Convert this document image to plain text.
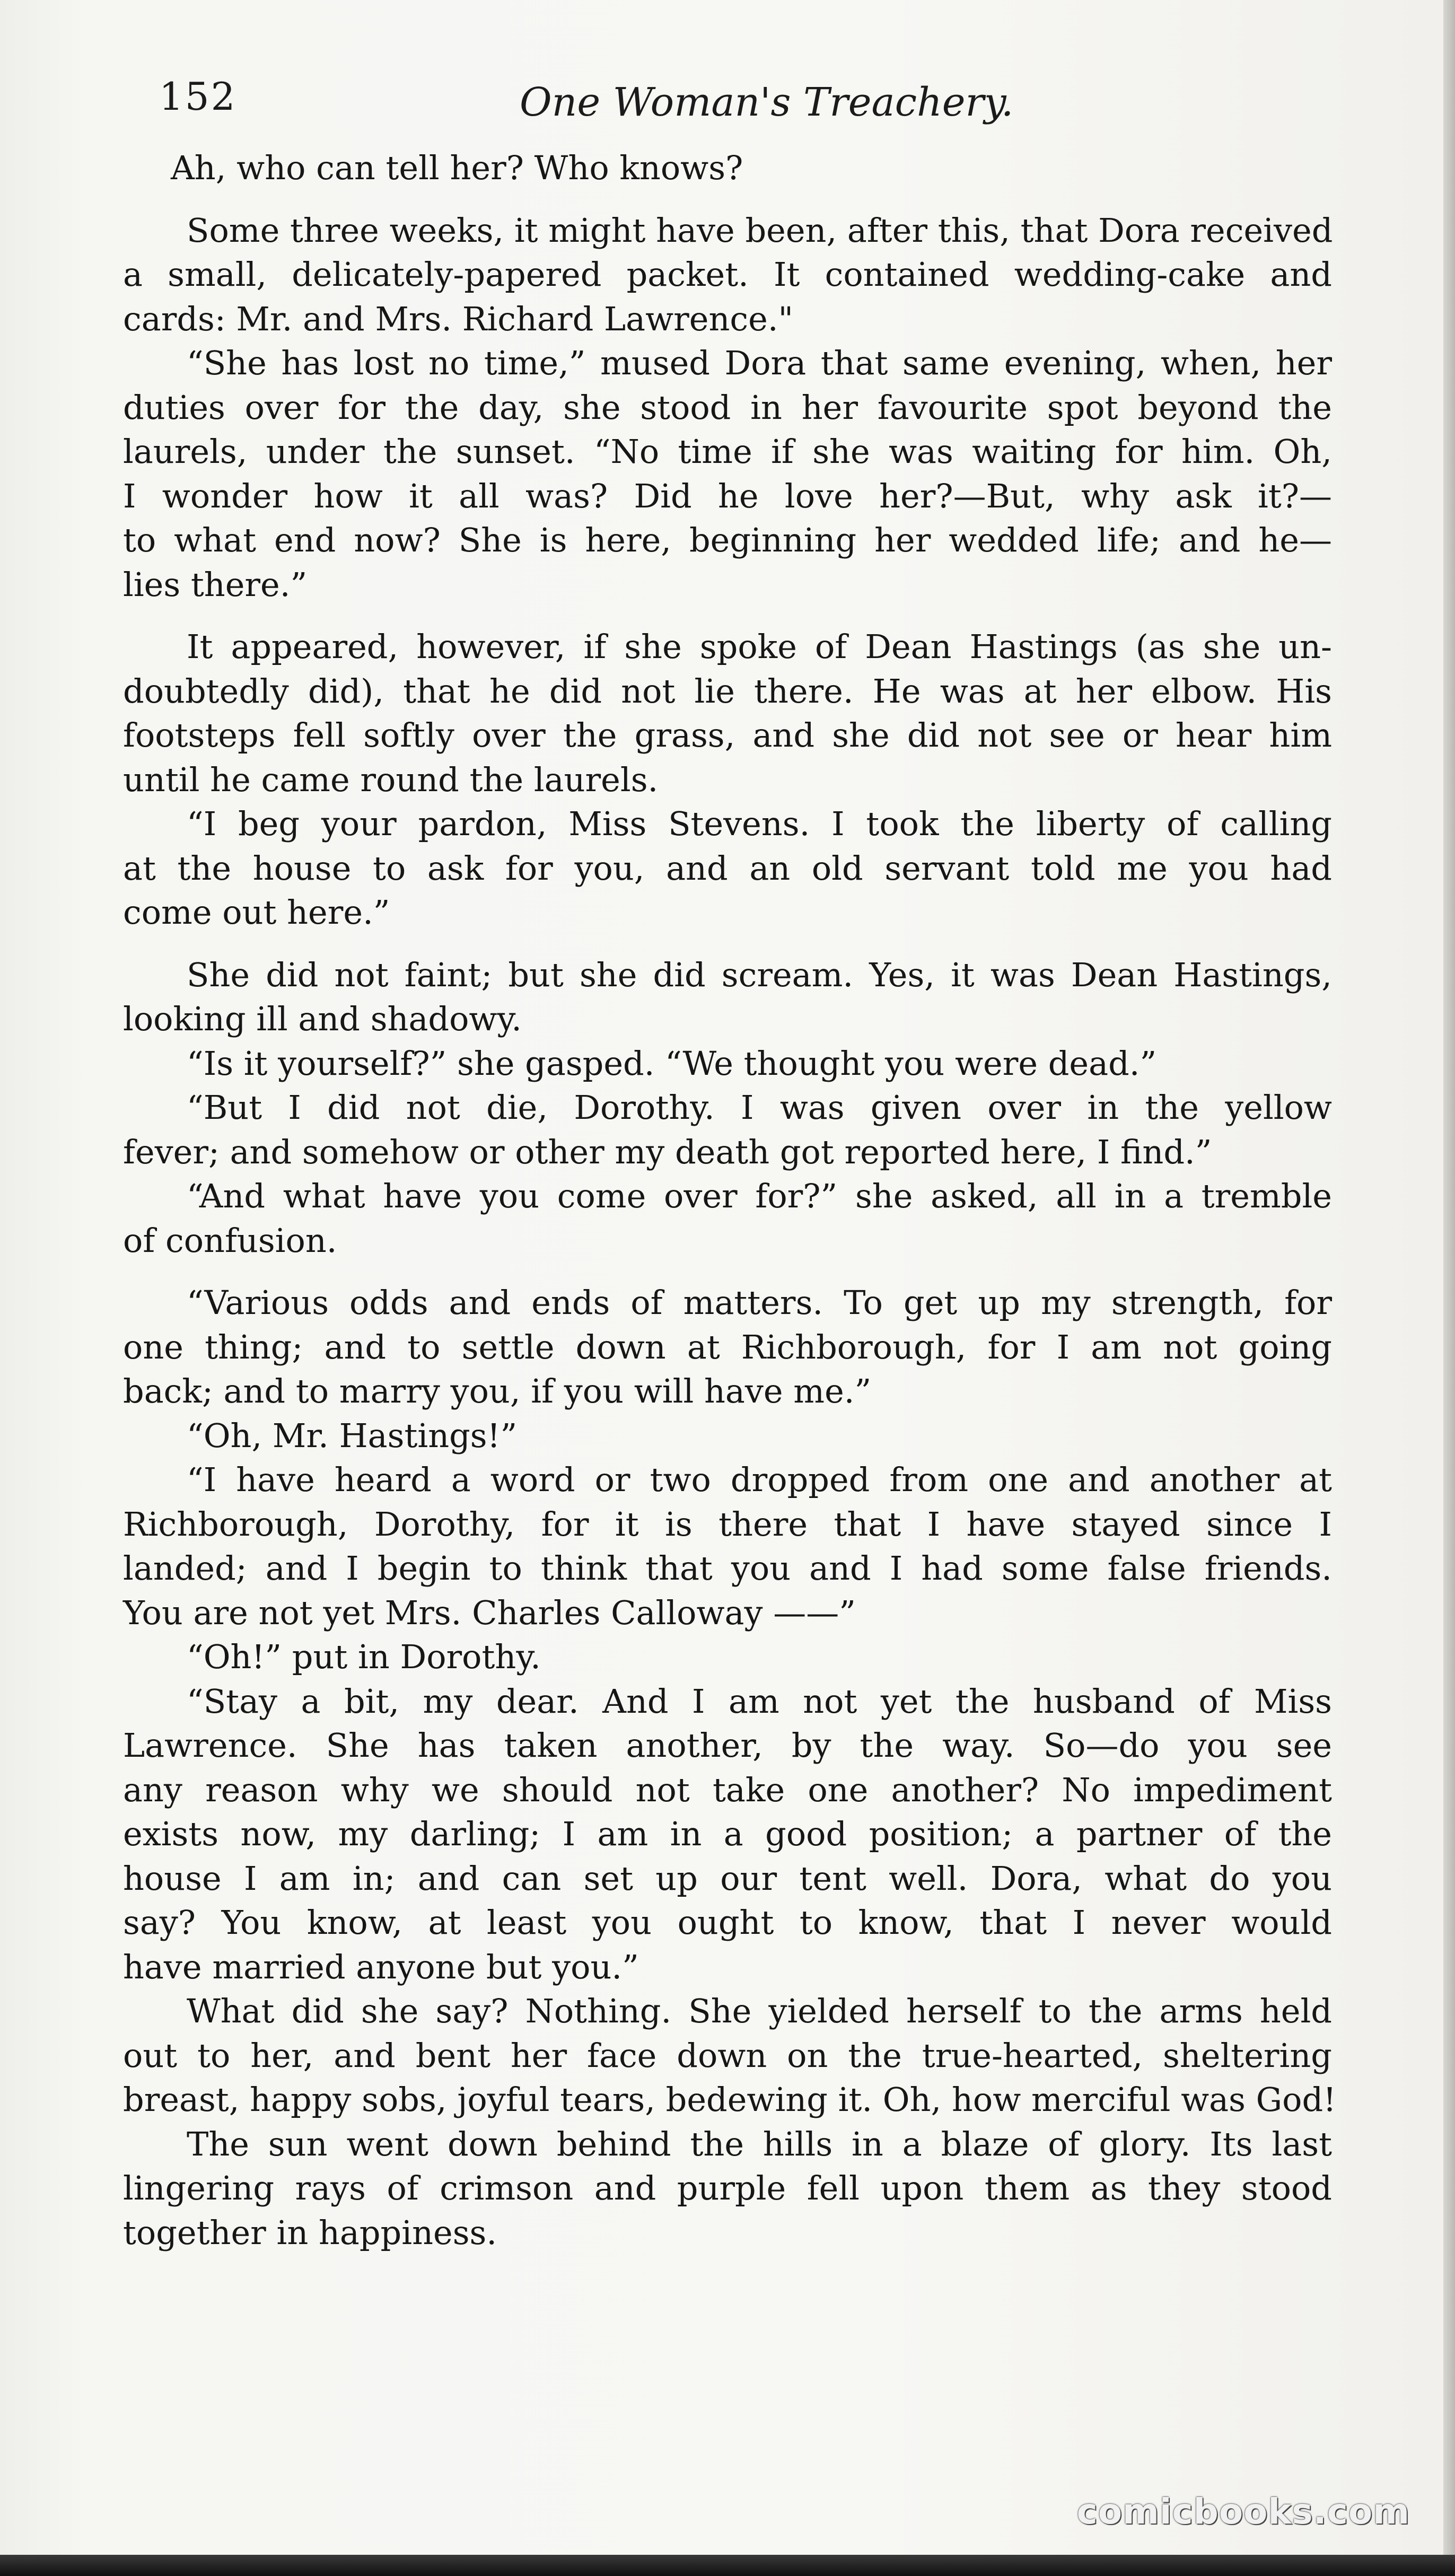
152	One Woman's Treachery.
Ah, who can tell her? Who knows?
Some three weeks, it might have been, after this, that Dora received
a small, delicately-papered packet. It contained wedding-cake and
cards: Mr. and Mrs. Richard Lawrence."
“She has lost no time,” mused Dora that same evening, when, her
duties over for the day, she stood in her favourite spot beyond the
laurels, under the sunset. “No time if she was waiting for him. Oh,
I wonder how it all was? Did he love her?—But, why ask it?—
to what end now? She is here, beginning her wedded life; and he—
lies there.”
It appeared, however, if she spoke of Dean Hastings (as she un-
doubtedly did), that he did not lie there. He was at her elbow. His
footsteps fell softly over the grass, and she did not see or hear him
until he came round the laurels.
“I beg your pardon, Miss Stevens. I took the liberty of calling
at the house to ask for you, and an old servant told me you had
come out here.”
She did not faint; but she did scream. Yes, it was Dean Hastings,
looking ill and shadowy.
“Is it yourself?” she gasped. “We thought you were dead.”
“But I did not die, Dorothy. I was given over in the yellow
fever; and somehow or other my death got reported here, I find.”
“And what have you come over for?” she asked, all in a tremble
of confusion.
“Various odds and ends of matters. To get up my strength, for
one thing; and to settle down at Richborough, for I am not going
back; and to marry you, if you will have me.”
“Oh, Mr. Hastings!”
“I have heard a word or two dropped from one and another at
Richborough, Dorothy, for it is there that I have stayed since I
landed; and I begin to think that you and I had some false friends.
You are not yet Mrs. Charles Calloway ——”
“Oh!” put in Dorothy.
“Stay a bit, my dear. And I am not yet the husband of Miss
Lawrence. She has taken another, by the way. So—do you see
any reason why we should not take one another? No impediment
exists now, my darling; I am in a good position; a partner of the
house I am in; and can set up our tent well. Dora, what do you
say? You know, at least you ought to know, that I never would
have married anyone but you.”
What did she say? Nothing. She yielded herself to the arms held
out to her, and bent her face down on the true-hearted, sheltering
breast, happy sobs, joyful tears, bedewing it. Oh, how merciful was God!
The sun went down behind the hills in a blaze of glory. Its last
lingering rays of crimson and purple fell upon them as they stood
together in happiness.
comicbooks.com
